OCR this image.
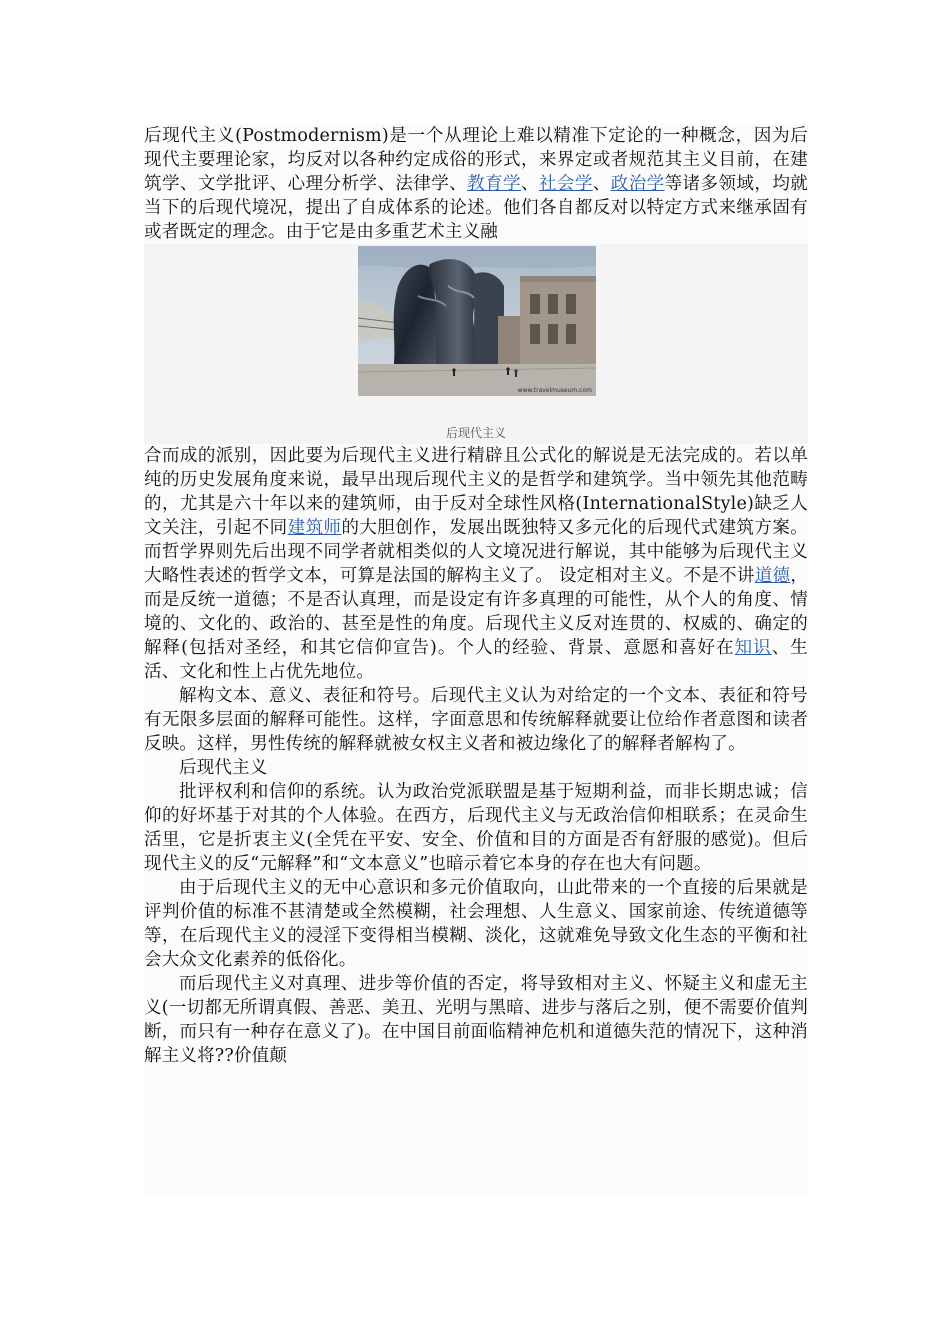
后现代主义(Postmodernism)是一个从理论上难以精准下定论的一种概念，因为后现代主要理论家，均反对以各种约定成俗的形式，来界定或者规范其主义目前，在建筑学、文学批评、心理分析学、法律学、教育学、社会学、政治学等诸多领域，均就当下的后现代境况，提出了自成体系的论述。他们各自都反对以特定方式来继承固有或者既定的理念。由于它是由多重艺术主义融

www.travelmuseum.com
后现代主义

合而成的派别，因此要为后现代主义进行精辟且公式化的解说是无法完成的。若以单纯的历史发展角度来说，最早出现后现代主义的是哲学和建筑学。当中领先其他范畴的，尤其是六十年以来的建筑师，由于反对全球性风格(InternationalStyle)缺乏人文关注，引起不同建筑师的大胆创作，发展出既独特又多元化的后现代式建筑方案。而哲学界则先后出现不同学者就相类似的人文境况进行解说，其中能够为后现代主义大略性表述的哲学文本，可算是法国的解构主义了。 设定相对主义。不是不讲道德，而是反统一道德；不是否认真理，而是设定有许多真理的可能性，从个人的角度、情境的、文化的、政治的、甚至是性的角度。后现代主义反对连贯的、权威的、确定的解释(包括对圣经，和其它信仰宣告)。个人的经验、背景、意愿和喜好在知识、生活、文化和性上占优先地位。

解构文本、意义、表征和符号。后现代主义认为对给定的一个文本、表征和符号有无限多层面的解释可能性。这样，字面意思和传统解释就要让位给作者意图和读者反映。这样，男性传统的解释就被女权主义者和被边缘化了的解释者解构了。

后现代主义

批评权利和信仰的系统。认为政治党派联盟是基于短期利益，而非长期忠诚；信仰的好坏基于对其的个人体验。在西方，后现代主义与无政治信仰相联系；在灵命生活里，它是折衷主义(全凭在平安、安全、价值和目的方面是否有舒服的感觉)。但后现代主义的反“元解释”和“文本意义”也暗示着它本身的存在也大有问题。

由于后现代主义的无中心意识和多元价值取向，山此带来的一个直接的后果就是评判价值的标准不甚清楚或全然模糊，社会理想、人生意义、国家前途、传统道德等等，在后现代主义的浸淫下变得相当模糊、淡化，这就难免导致文化生态的平衡和社会大众文化素养的低俗化。

而后现代主义对真理、进步等价值的否定，将导致相对主义、怀疑主义和虚无主义(一切都无所谓真假、善恶、美丑、光明与黑暗、进步与落后之别，便不需要价值判断，而只有一种存在意义了)。在中国目前面临精神危机和道德失范的情况下，这种消解主义将??价值颠
